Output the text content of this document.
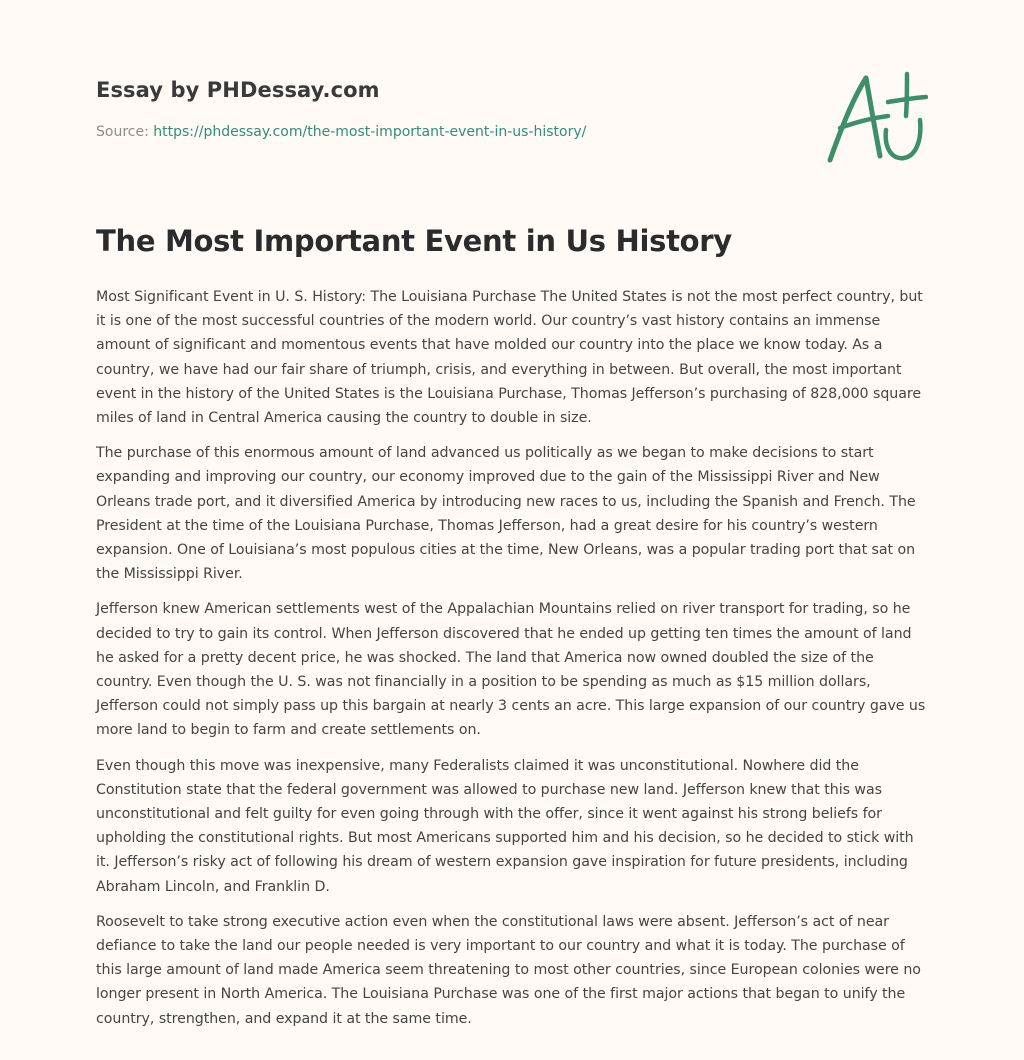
Essay by PHDessay.com
Source: https://phdessay.com/the-most-important-event-in-us-history/
The Most Important Event in Us History

Most Significant Event in U. S. History: The Louisiana Purchase The United States is not the most perfect country, but it is one of the most successful countries of the modern world. Our country’s vast history contains an immense amount of significant and momentous events that have molded our country into the place we know today. As a country, we have had our fair share of triumph, crisis, and everything in between. But overall, the most important event in the history of the United States is the Louisiana Purchase, Thomas Jefferson’s purchasing of 828,000 square miles of land in Central America causing the country to double in size.

The purchase of this enormous amount of land advanced us politically as we began to make decisions to start expanding and improving our country, our economy improved due to the gain of the Mississippi River and New Orleans trade port, and it diversified America by introducing new races to us, including the Spanish and French. The President at the time of the Louisiana Purchase, Thomas Jefferson, had a great desire for his country’s western expansion. One of Louisiana’s most populous cities at the time, New Orleans, was a popular trading port that sat on the Mississippi River.

Jefferson knew American settlements west of the Appalachian Mountains relied on river transport for trading, so he decided to try to gain its control. When Jefferson discovered that he ended up getting ten times the amount of land he asked for a pretty decent price, he was shocked. The land that America now owned doubled the size of the country. Even though the U. S. was not financially in a position to be spending as much as $15 million dollars, Jefferson could not simply pass up this bargain at nearly 3 cents an acre. This large expansion of our country gave us more land to begin to farm and create settlements on.

Even though this move was inexpensive, many Federalists claimed it was unconstitutional. Nowhere did the Constitution state that the federal government was allowed to purchase new land. Jefferson knew that this was unconstitutional and felt guilty for even going through with the offer, since it went against his strong beliefs for upholding the constitutional rights. But most Americans supported him and his decision, so he decided to stick with it. Jefferson’s risky act of following his dream of western expansion gave inspiration for future presidents, including Abraham Lincoln, and Franklin D.

Roosevelt to take strong executive action even when the constitutional laws were absent. Jefferson’s act of near defiance to take the land our people needed is very important to our country and what it is today. The purchase of this large amount of land made America seem threatening to most other countries, since European colonies were no longer present in North America. The Louisiana Purchase was one of the first major actions that began to unify the country, strengthen, and expand it at the same time.
